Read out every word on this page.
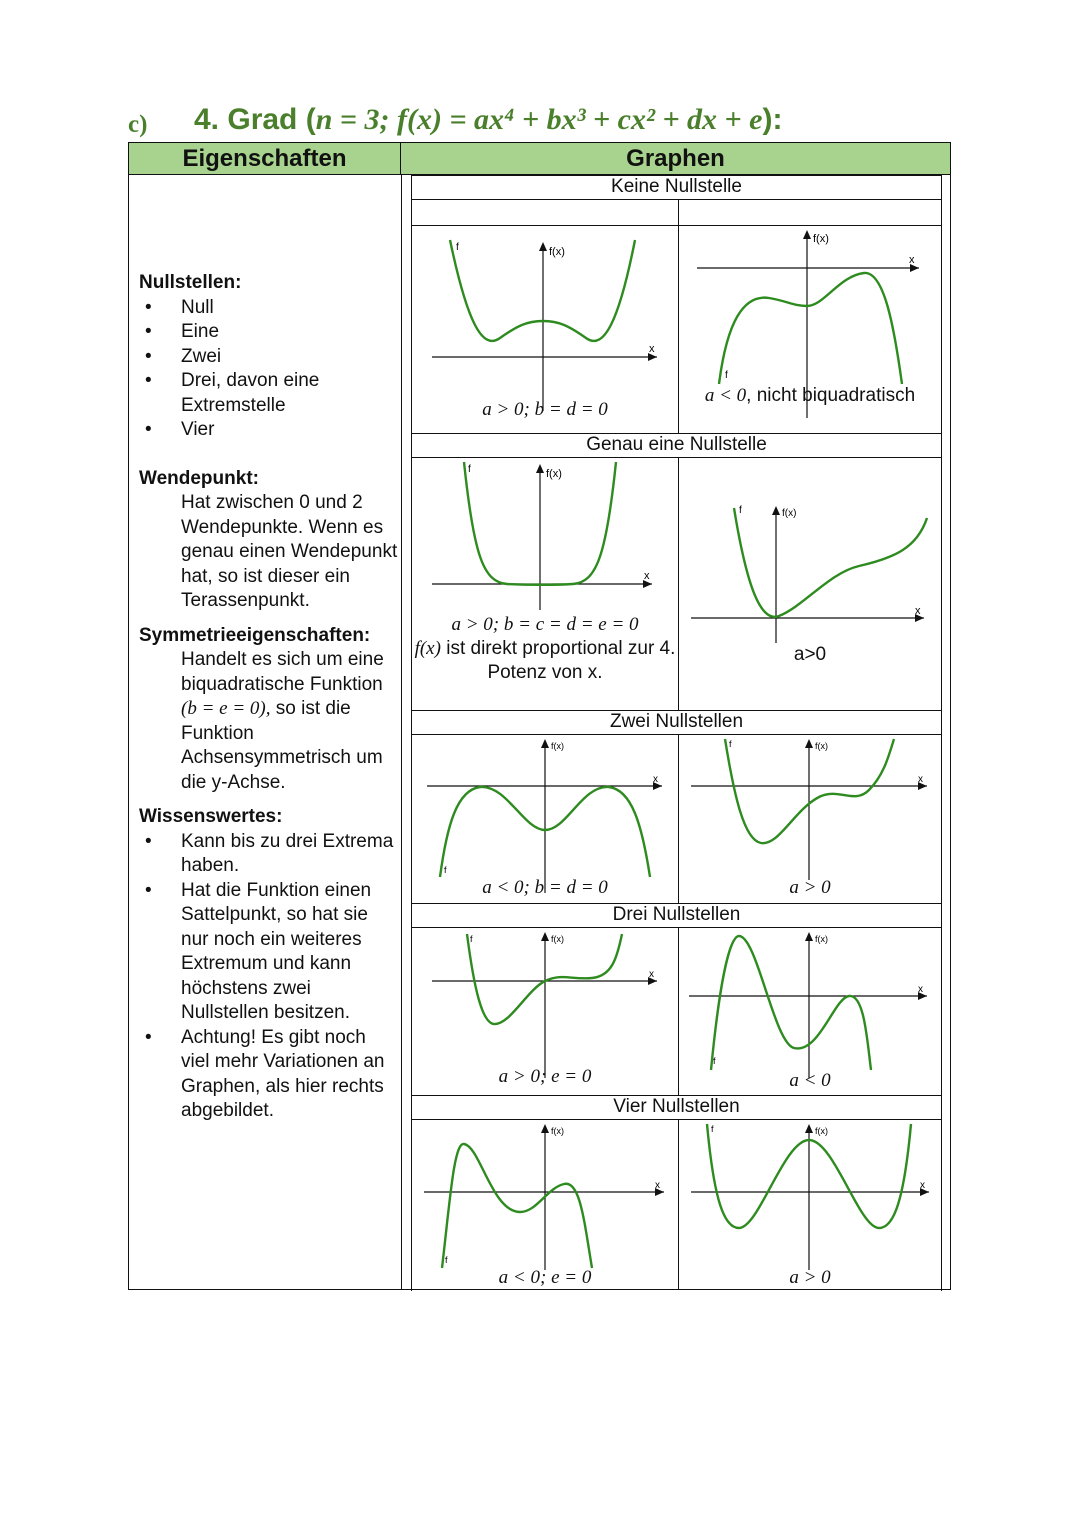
c) 4. Grad (n = 3; f(x) = ax⁴ + bx³ + cx² + dx + e):
Eigenschaften	Graphen
Nullstellen:
• Null
• Eine
• Zwei
• Drei, davon eine Extremstelle
• Vier
Wendepunkt:

Hat zwischen 0 und 2 Wendepunkte. Wenn es genau einen Wendepunkt hat, so ist dieser ein Terassenpunkt.

Symmetrieeigenschaften:

Handelt es sich um eine biquadratische Funktion (b = e = 0), so ist die Funktion Achsensymmetrisch um die y-Achse.

Wissenswertes:
• Kann bis zu drei Extrema haben.
• Hat die Funktion einen Sattelpunkt, so hat sie nur noch ein weiteres Extremum und kann höchstens zwei Nullstellen besitzen.
• Achtung! Es gibt noch viel mehr Variationen an Graphen, als hier rechts abgebildet.
Keine Nullstelle
f(x)
x
f
a > 0; b = d = 0
f(x)
x
f
a < 0, nicht biquadratisch
Genau eine Nullstelle
f(x)
x
f
a > 0; b = c = d = e = 0
f(x) ist direkt proportional zur 4. Potenz von x.
f(x)
x
f
a>0
Zwei Nullstellen
f(x)
x
f
a < 0; b = d = 0
f(x)
x
f
a > 0
Drei Nullstellen
f(x)
x
f
a > 0; e = 0
f(x)
x
f
a < 0
Vier Nullstellen
f(x)
x
f
a < 0; e = 0
f(x)
x
f
a > 0
